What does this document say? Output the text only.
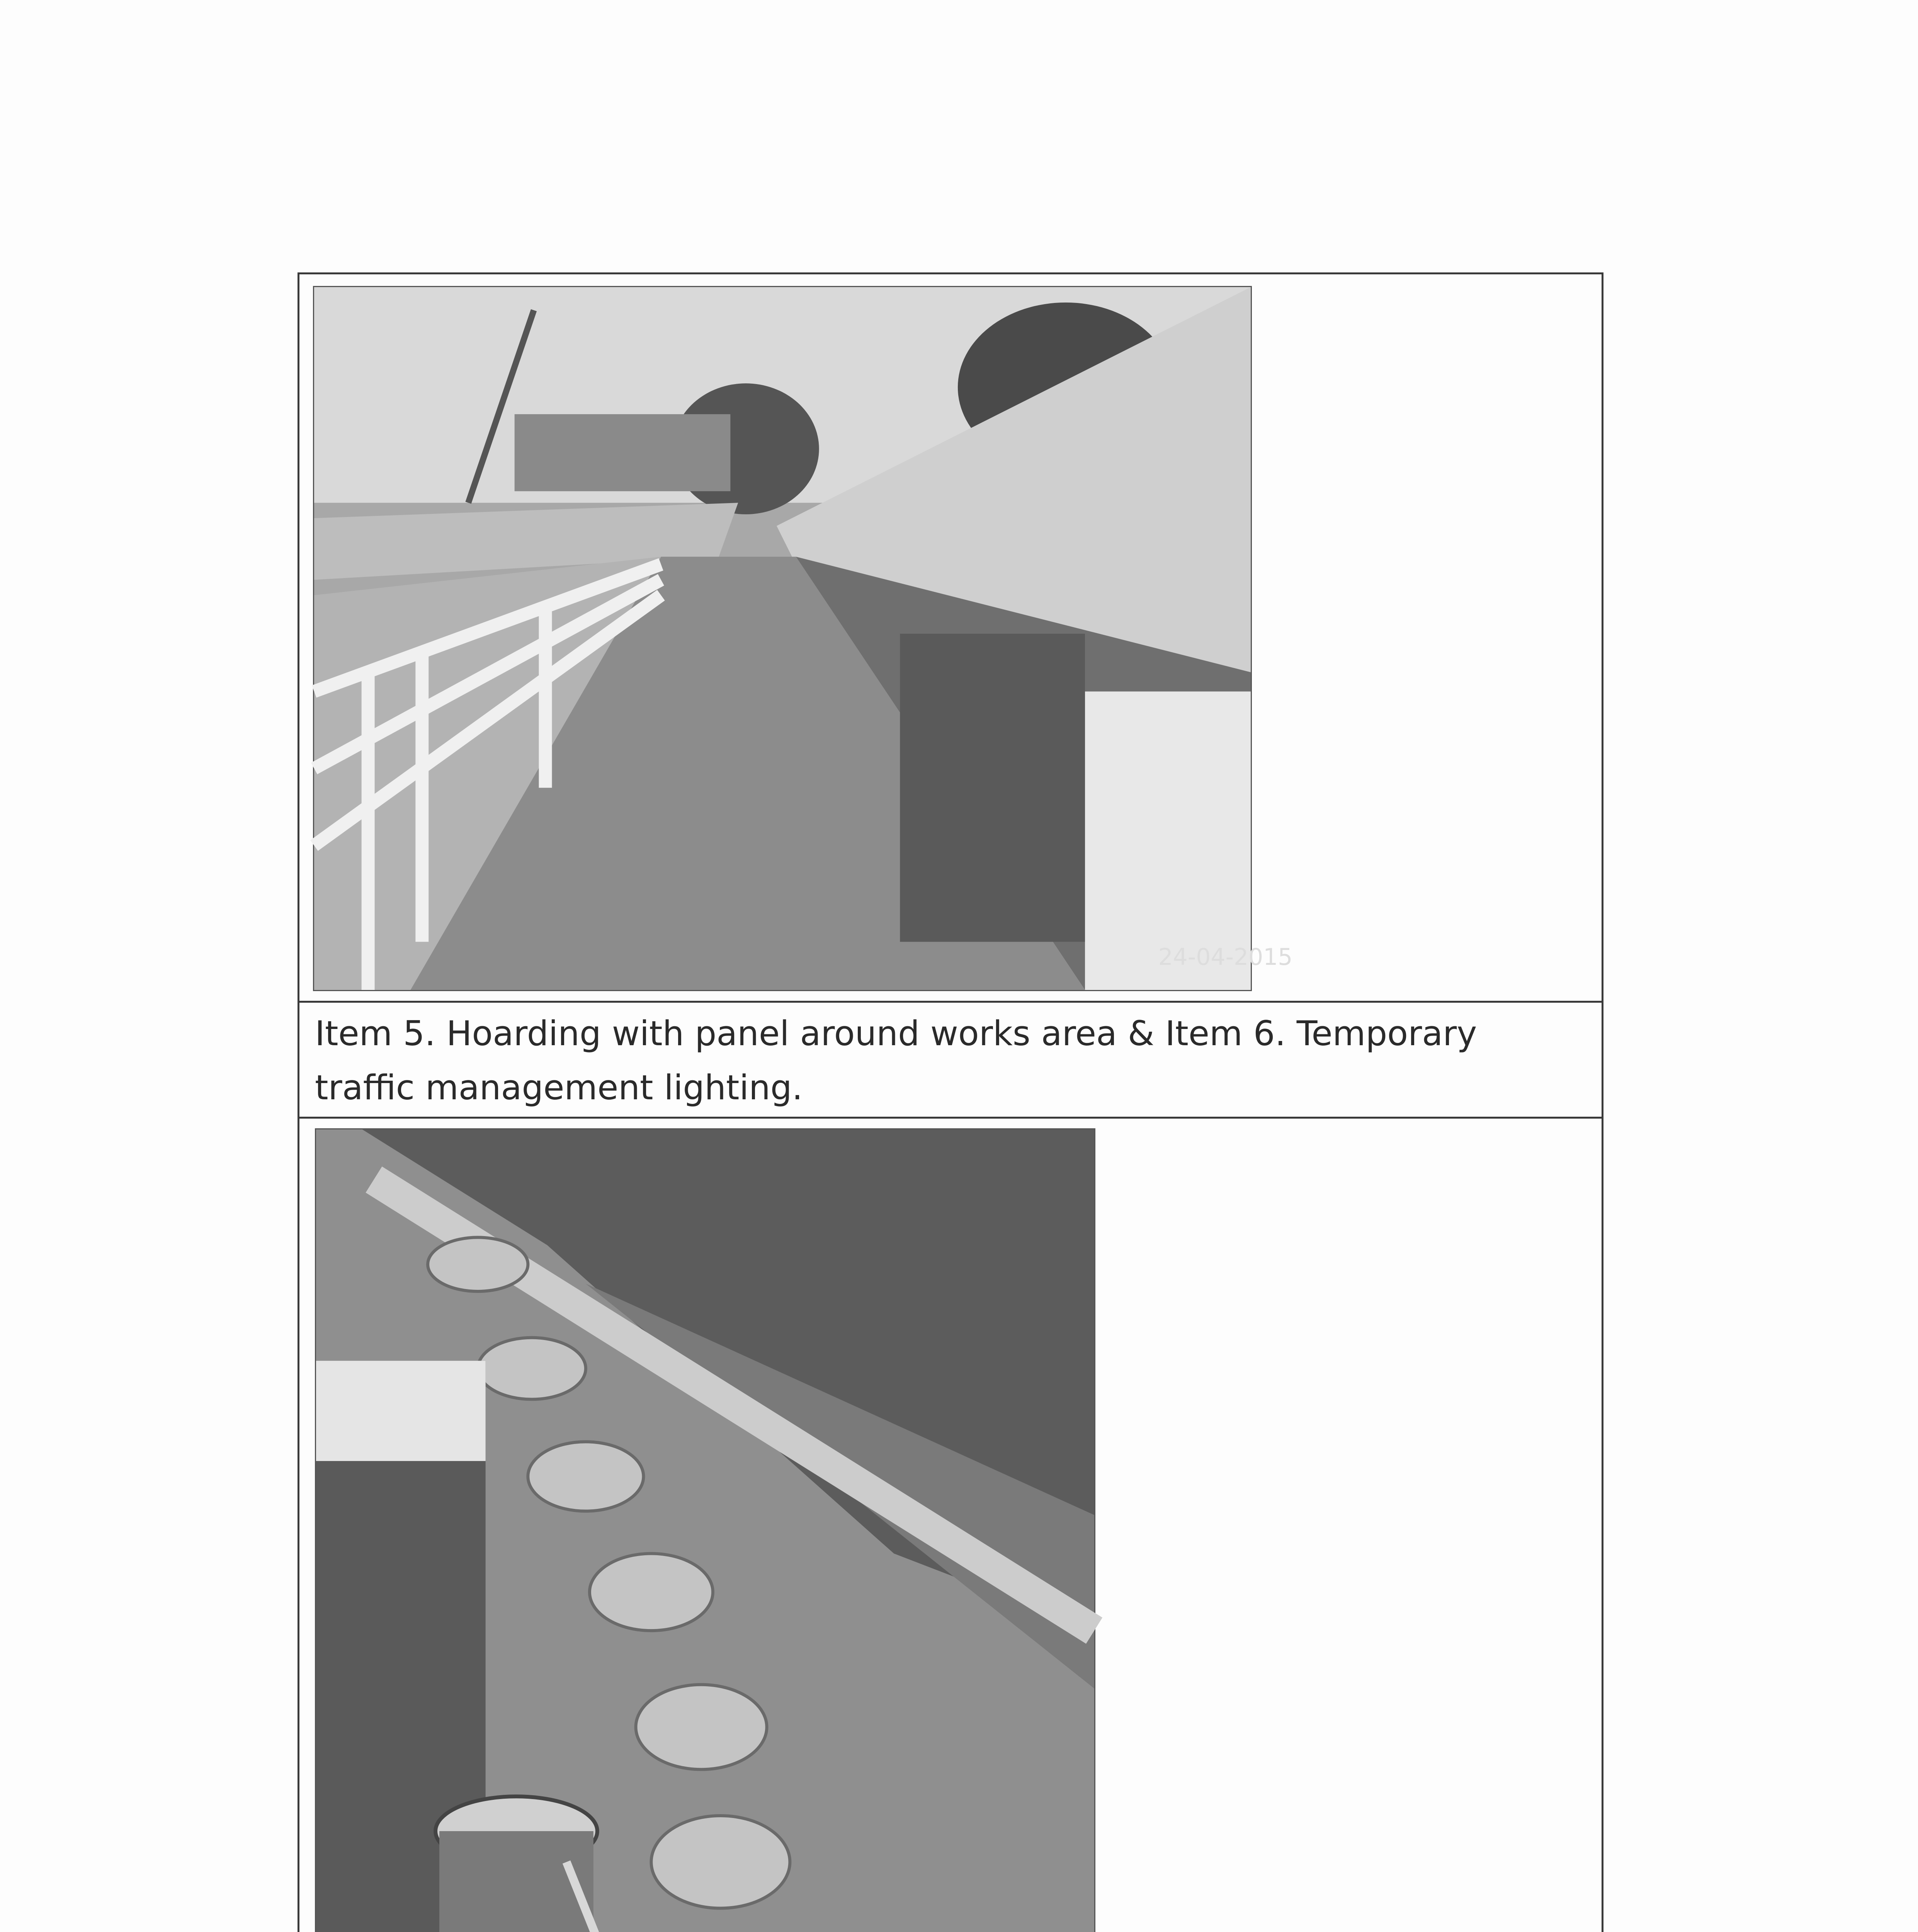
24-04-2015
Item 5. Hoarding with panel around works area & Item 6. Temporary traffic management lighting.
